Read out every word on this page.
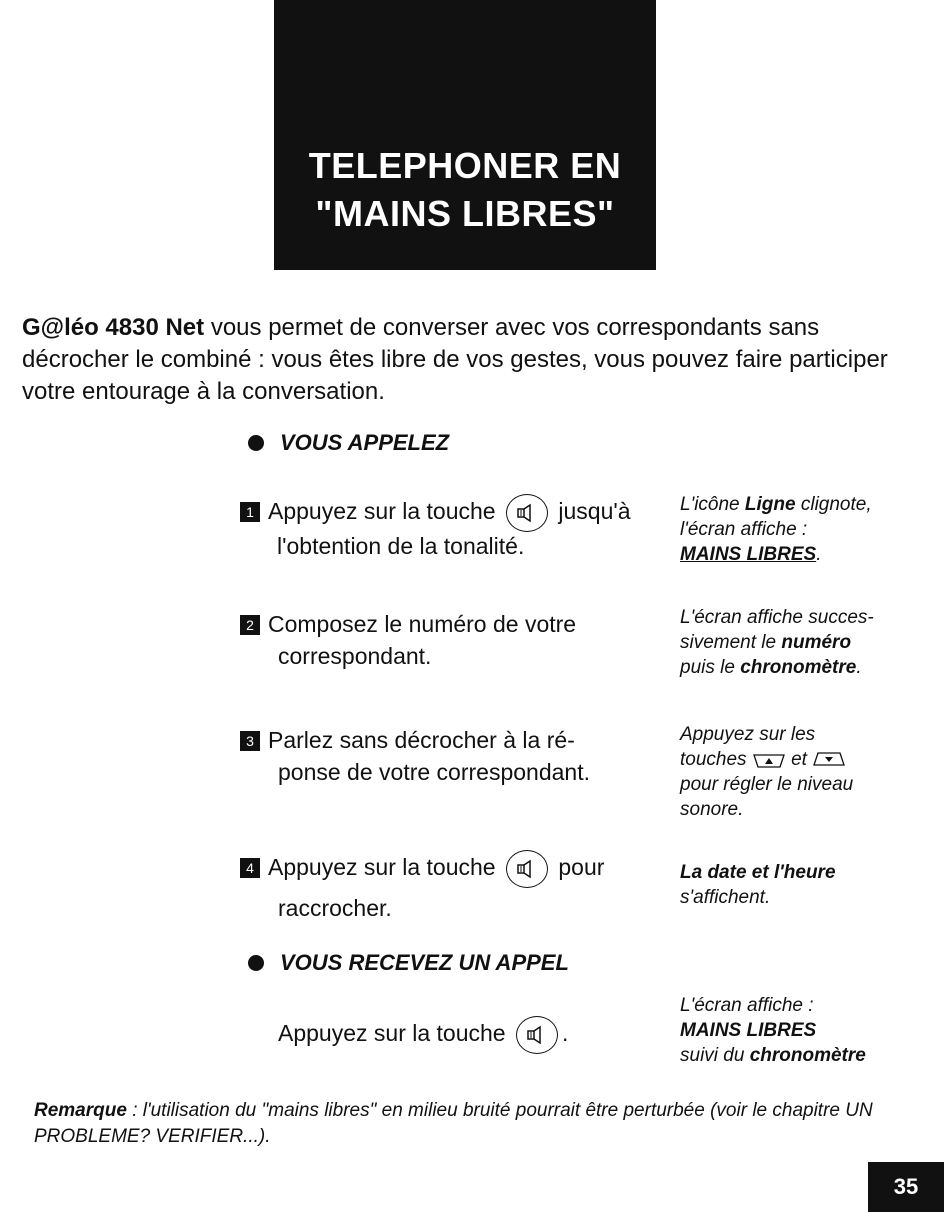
TELEPHONER EN
"MAINS LIBRES"
G@léo 4830 Net vous permet de converser avec vos correspondants sans décrocher le combiné : vous êtes libre de vos gestes, vous pouvez faire participer votre entourage à la conversation.
VOUS APPELEZ
1 Appuyez sur la touche	jusqu'à
l'obtention de la tonalité.
2 Composez le numéro de votre
correspondant.
3 Parlez sans décrocher à la ré-
ponse de votre correspondant.
4 Appuyez sur la touche	pour
raccrocher.
VOUS RECEVEZ UN APPEL
Appuyez sur la touche .
L'icône Ligne clignote,
l'écran affiche :
MAINS LIBRES.
L'écran affiche succes-
sivement le numéro
puis le chronomètre.
Appuyez sur les
touches et
pour régler le niveau
sonore.
La date et l'heure
s'affichent.
L'écran affiche :
MAINS LIBRES
suivi du chronomètre
Remarque : l'utilisation du "mains libres" en milieu bruité pourrait être perturbée (voir le chapitre UN PROBLEME? VERIFIER...).
35
